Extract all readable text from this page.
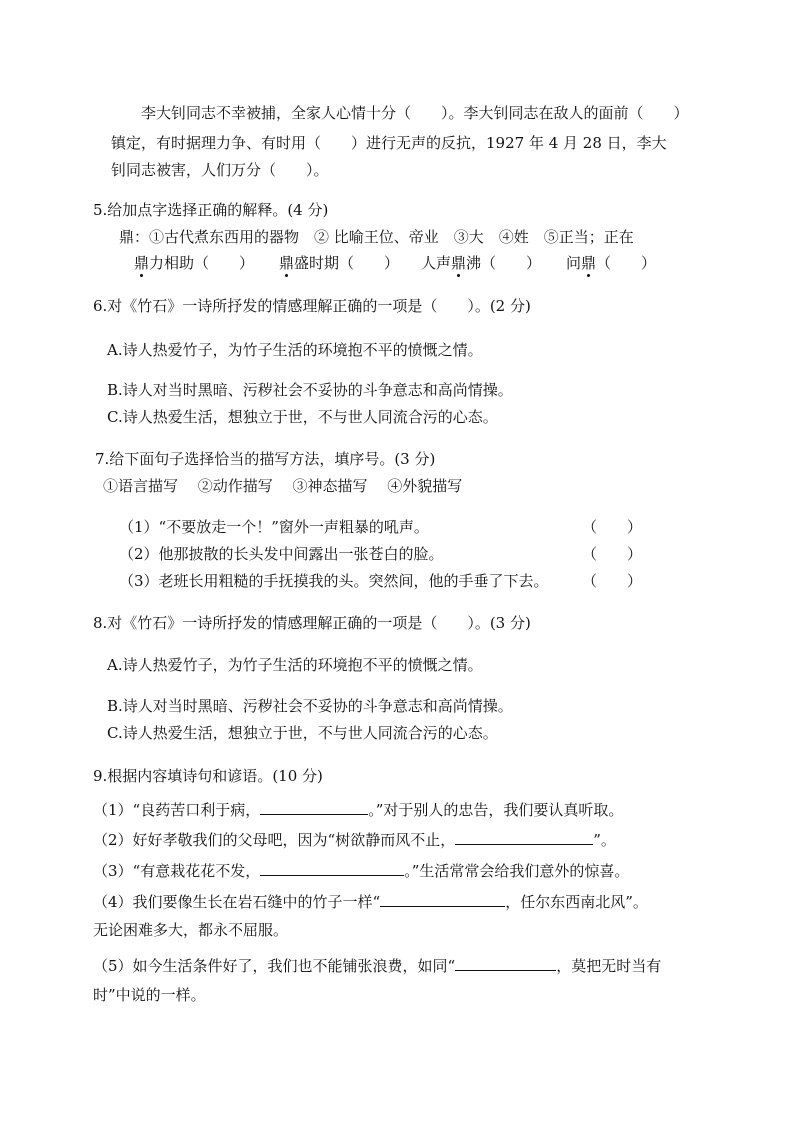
李大钊同志不幸被捕，全家人心情十分（　　）。李大钊同志在敌人的面前（　　）
镇定，有时据理力争、有时用（　　）进行无声的反抗，1927 年 4 月 28 日，李大
钊同志被害，人们万分（　　）。
5.给加点字选择正确的解释。(4 分)
鼎：①古代煮东西用的器物　② 比喻王位、帝业　③大　④姓　⑤正当；正在
鼎力相助（　　） 鼎盛时期（　　） 人声鼎沸（　　） 问鼎（　　）
6.对《竹石》一诗所抒发的情感理解正确的一项是（　　）。(2 分)
A.诗人热爱竹子，为竹子生活的环境抱不平的愤慨之情。
B.诗人对当时黑暗、污秽社会不妥协的斗争意志和高尚情操。
C.诗人热爱生活，想独立于世，不与世人同流合污的心态。
7.给下面句子选择恰当的描写方法，填序号。(3 分)
①语言描写　 ②动作描写　 ③神态描写　 ④外貌描写
（1）“不要放走一个！”窗外一声粗暴的吼声。	（　　）
（2）他那披散的长头发中间露出一张苍白的脸。	（　　）
（3）老班长用粗糙的手抚摸我的头。突然间，他的手垂了下去。 （　　）
8.对《竹石》一诗所抒发的情感理解正确的一项是（　　）。(3 分)
A.诗人热爱竹子，为竹子生活的环境抱不平的愤慨之情。
B.诗人对当时黑暗、污秽社会不妥协的斗争意志和高尚情操。
C.诗人热爱生活，想独立于世，不与世人同流合污的心态。
9.根据内容填诗句和谚语。(10 分)
（1）“良药苦口利于病，	。”对于别人的忠告，我们要认真听取。
（2）好好孝敬我们的父母吧，因为“树欲静而风不止，	”。
（3）“有意栽花花不发，	。”生活常常会给我们意外的惊喜。
（4）我们要像生长在岩石缝中的竹子一样“	，任尔东西南北风”。
无论困难多大，都永不屈服。
（5）如今生活条件好了，我们也不能铺张浪费，如同“	，莫把无时当有
时”中说的一样。
